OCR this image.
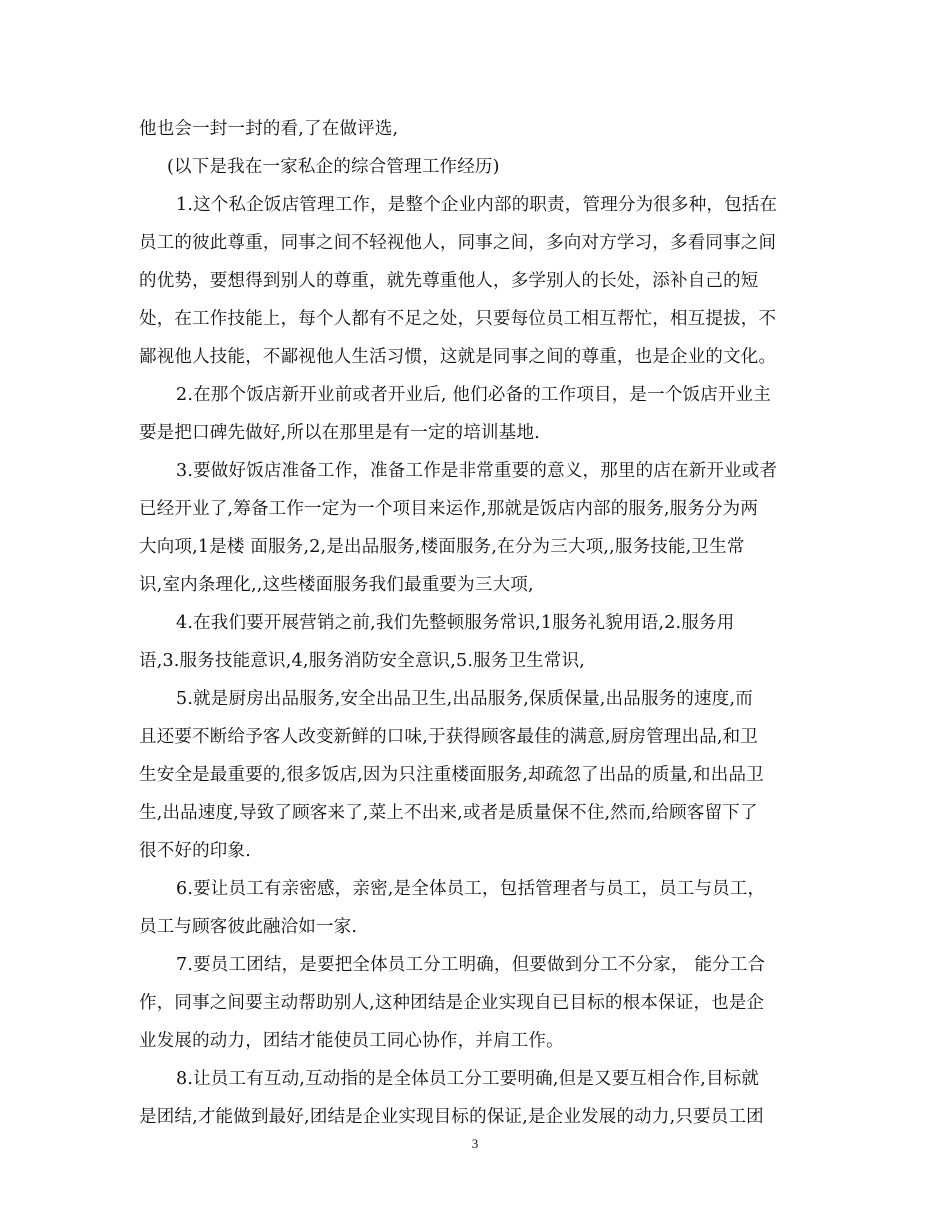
他也会一封一封的看,了在做评选,
(以下是我在一家私企的综合管理工作经历)
1.这个私企饭店管理工作，是整个企业内部的职责，管理分为很多种，包括在
员工的彼此尊重，同事之间不轻视他人，同事之间，多向对方学习，多看同事之间
的优势，要想得到别人的尊重，就先尊重他人，多学别人的长处，添补自己的短
处，在工作技能上，每个人都有不足之处，只要每位员工相互帮忙，相互提拔，不
鄙视他人技能，不鄙视他人生活习惯，这就是同事之间的尊重，也是企业的文化。
2.在那个饭店新开业前或者开业后, 他们必备的工作项目，是一个饭店开业主
要是把口碑先做好,所以在那里是有一定的培训基地.
3.要做好饭店准备工作，准备工作是非常重要的意义，那里的店在新开业或者
已经开业了,筹备工作一定为一个项目来运作,那就是饭店内部的服务,服务分为两
大向项,1是楼 面服务,2,是出品服务,楼面服务,在分为三大项,,服务技能,卫生常
识,室内条理化,,这些楼面服务我们最重要为三大项,
4.在我们要开展营销之前,我们先整顿服务常识,1服务礼貌用语,2.服务用
语,3.服务技能意识,4,服务消防安全意识,5.服务卫生常识,
5.就是厨房出品服务,安全出品卫生,出品服务,保质保量,出品服务的速度,而
且还要不断给予客人改变新鲜的口味,于获得顾客最佳的满意,厨房管理出品,和卫
生安全是最重要的,很多饭店,因为只注重楼面服务,却疏忽了出品的质量,和出品卫
生,出品速度,导致了顾客来了,菜上不出来,或者是质量保不住,然而,给顾客留下了
很不好的印象.
6.要让员工有亲密感，亲密,是全体员工，包括管理者与员工，员工与员工，
员工与顾客彼此融洽如一家.
7.要员工团结，是要把全体员工分工明确，但要做到分工不分家， 能分工合
作，同事之间要主动帮助别人,这种团结是企业实现自已目标的根本保证，也是企
业发展的动力，团结才能使员工同心协作，并肩工作。
8.让员工有互动,互动指的是全体员工分工要明确,但是又要互相合作,目标就
是团结,才能做到最好,团结是企业实现目标的保证,是企业发展的动力,只要员工团
3
